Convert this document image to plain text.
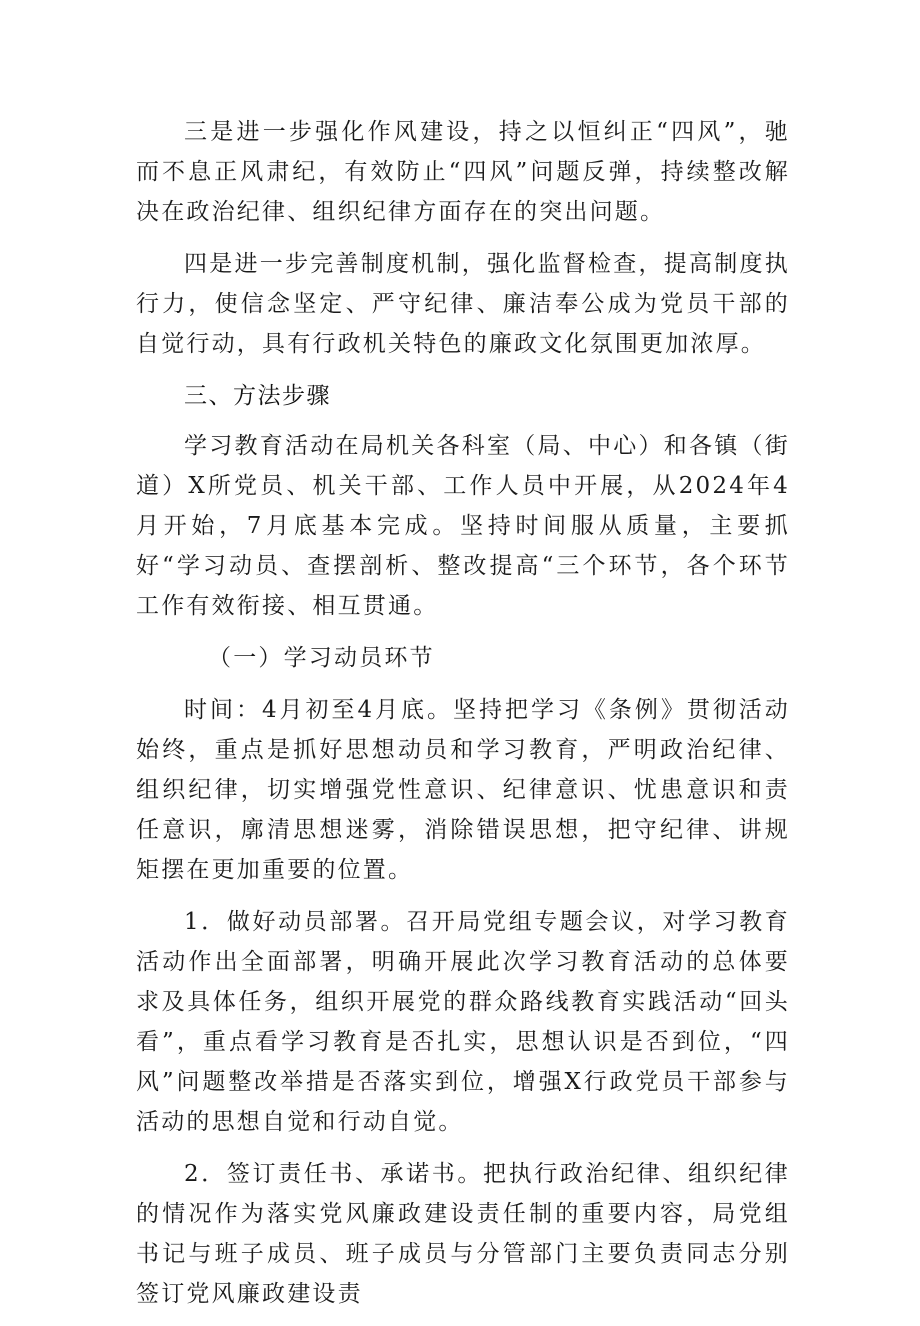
三是进一步强化作风建设，持之以恒纠正“四风”，驰而不息正风肃纪，有效防止“四风”问题反弹，持续整改解决在政治纪律、组织纪律方面存在的突出问题。

四是进一步完善制度机制，强化监督检查，提高制度执行力，使信念坚定、严守纪律、廉洁奉公成为党员干部的自觉行动，具有行政机关特色的廉政文化氛围更加浓厚。

三、方法步骤

学习教育活动在局机关各科室（局、中心）和各镇（街道）X所党员、机关干部、工作人员中开展，从2024年4月开始，7月底基本完成。坚持时间服从质量，主要抓好“学习动员、查摆剖析、整改提高“三个环节，各个环节工作有效衔接、相互贯通。

（一）学习动员环节

时间：4月初至4月底。坚持把学习《条例》贯彻活动始终，重点是抓好思想动员和学习教育，严明政治纪律、组织纪律，切实增强党性意识、纪律意识、忧患意识和责任意识，廓清思想迷雾，消除错误思想，把守纪律、讲规矩摆在更加重要的位置。

1．做好动员部署。召开局党组专题会议，对学习教育活动作出全面部署，明确开展此次学习教育活动的总体要求及具体任务，组织开展党的群众路线教育实践活动“回头看”，重点看学习教育是否扎实，思想认识是否到位，“四风”问题整改举措是否落实到位，增强X行政党员干部参与活动的思想自觉和行动自觉。

2．签订责任书、承诺书。把执行政治纪律、组织纪律的情况作为落实党风廉政建设责任制的重要内容，局党组书记与班子成员、班子成员与分管部门主要负责同志分别签订党风廉政建设责
